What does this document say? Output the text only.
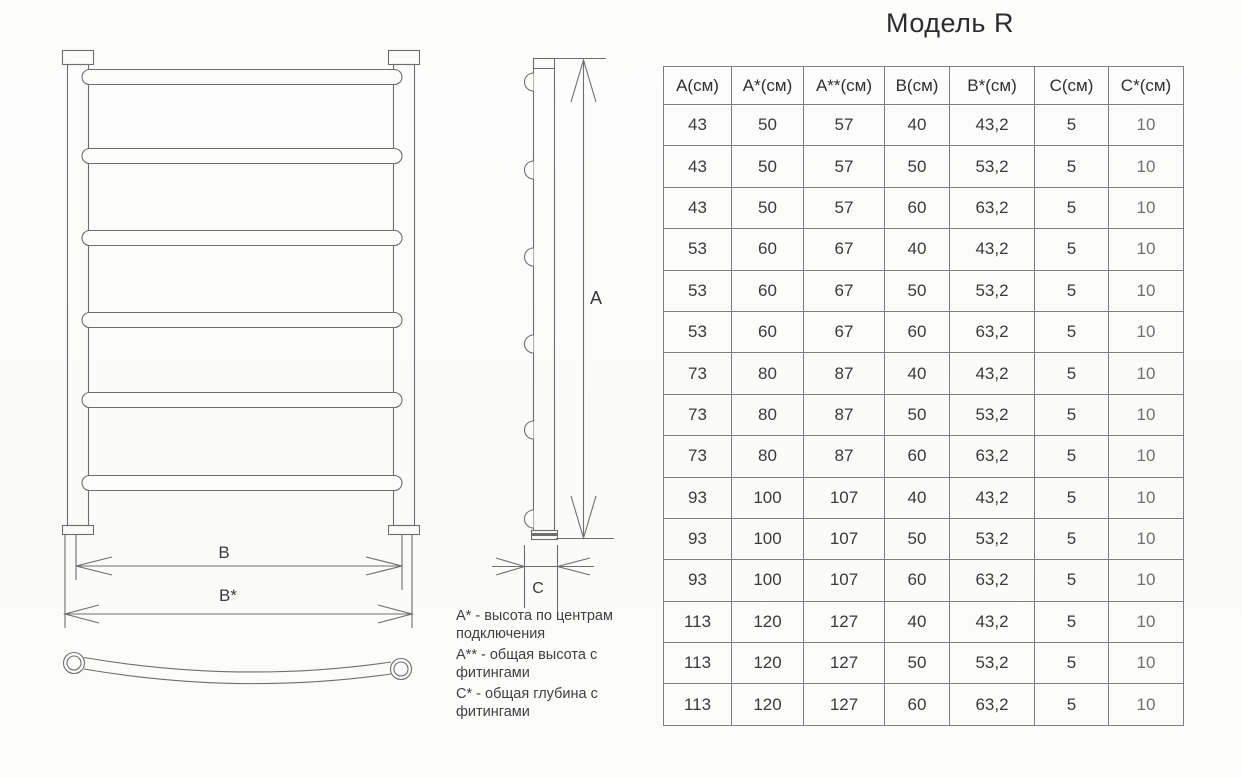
В
В*
А
С
А* - высота по центрам подключения
А** - общая высота с фитингами
С* - общая глубина с фитингами
Модель R
А(см)	А*(см)	А**(см)	В(см)	В*(см)	С(см)	С*(см)
43	50	57	40	43,2	5	10
43	50	57	50	53,2	5	10
43	50	57	60	63,2	5	10
53	60	67	40	43,2	5	10
53	60	67	50	53,2	5	10
53	60	67	60	63,2	5	10
73	80	87	40	43,2	5	10
73	80	87	50	53,2	5	10
73	80	87	60	63,2	5	10
93	100	107	40	43,2	5	10
93	100	107	50	53,2	5	10
93	100	107	60	63,2	5	10
113	120	127	40	43,2	5	10
113	120	127	50	53,2	5	10
113	120	127	60	63,2	5	10
